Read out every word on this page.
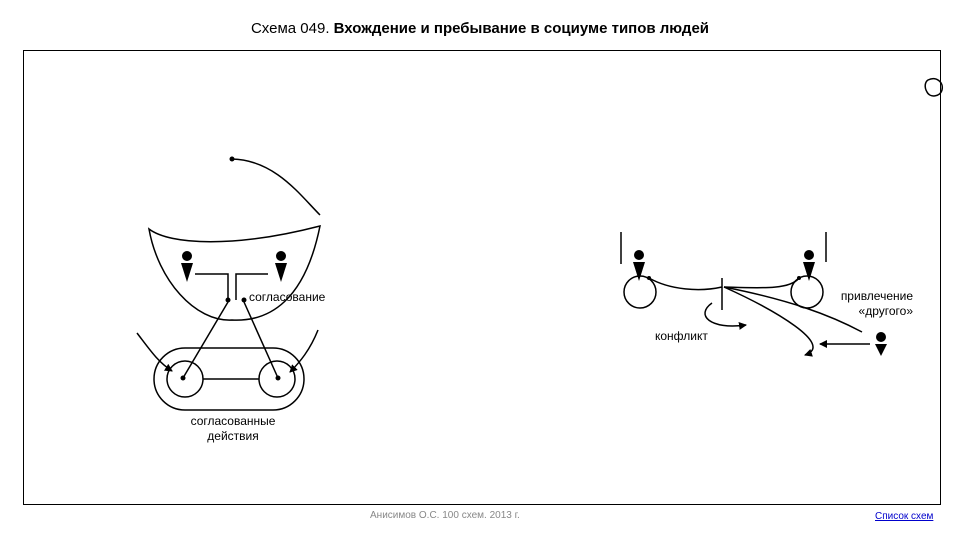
Схема 049. Вхождение и пребывание в социуме типов людей
согласование
согласованные
действия
конфликт
привлечение
«другого»
Анисимов О.С. 100 схем. 2013 г.	Список схем
